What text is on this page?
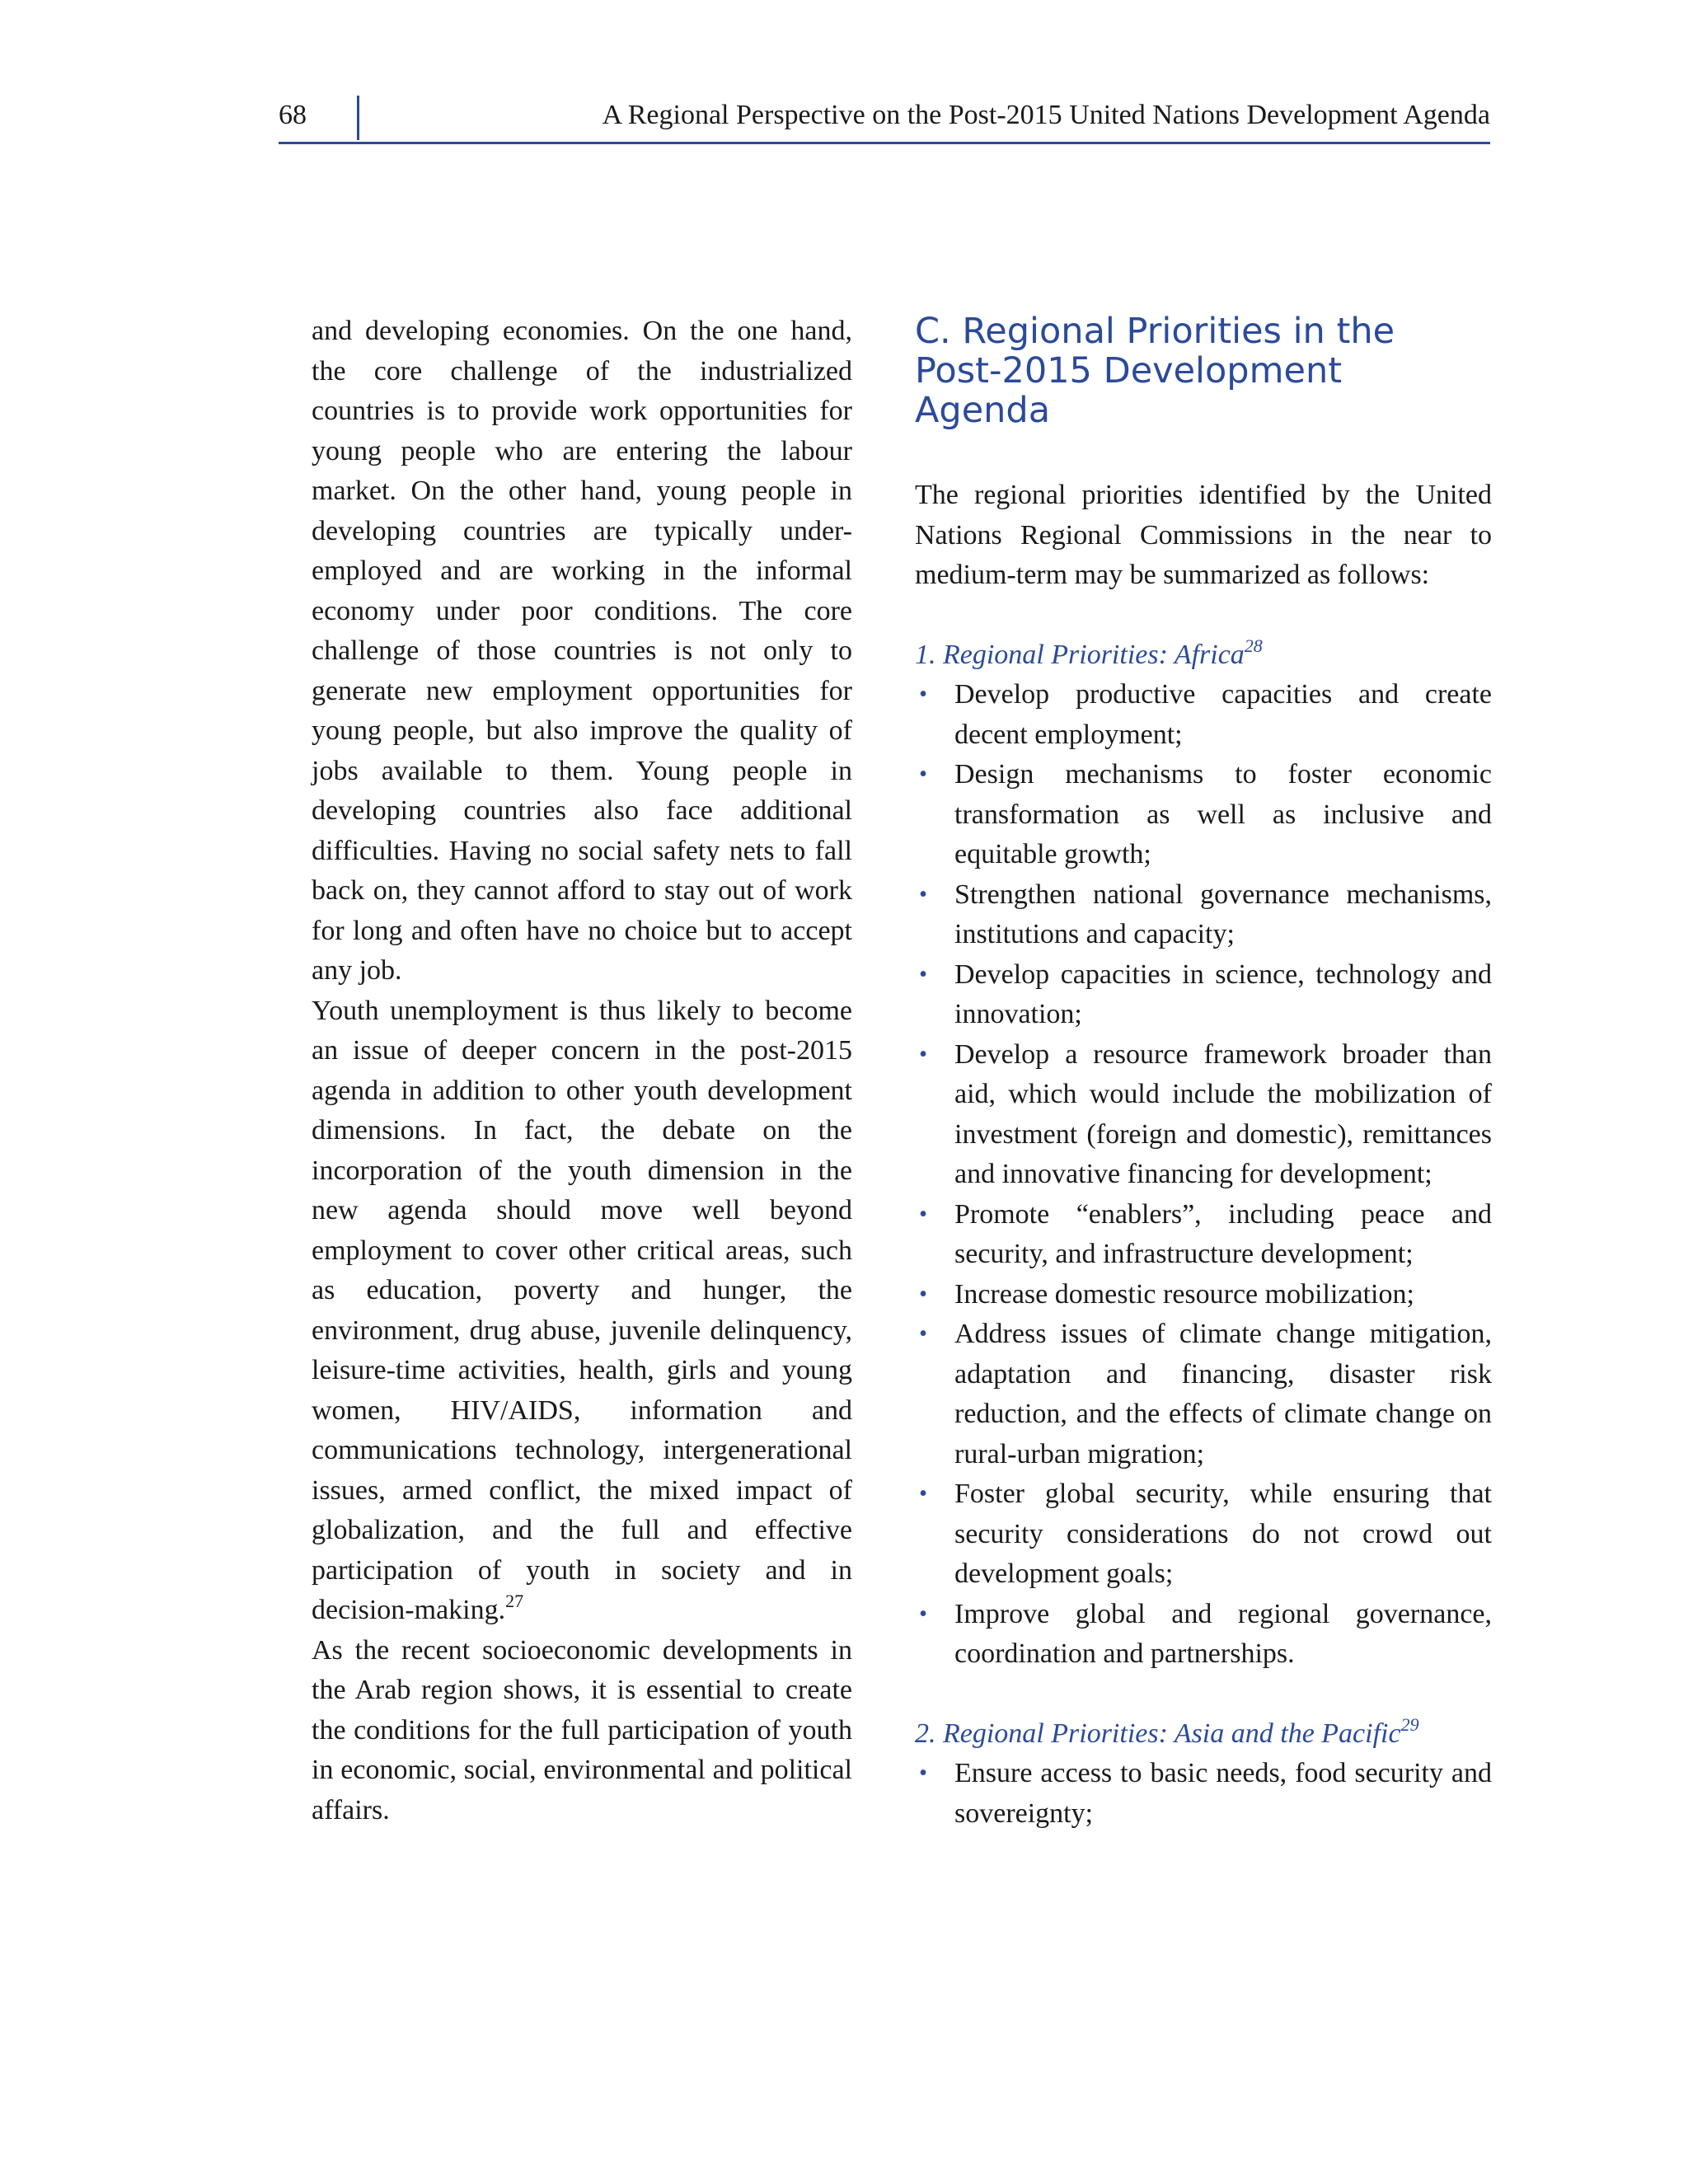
68	A Regional Perspective on the Post-2015 United Nations Development Agenda

and developing economies. On the one hand, the core challenge of the industrialized countries is to provide work opportunities for young people who are entering the labour market. On the other hand, young people in developing countries are typically under-employed and are working in the informal economy under poor conditions. The core challenge of those countries is not only to generate new employment opportunities for young people, but also improve the quality of jobs available to them. Young people in developing countries also face additional difficulties. Having no social safety nets to fall back on, they cannot afford to stay out of work for long and often have no choice but to accept any job.

Youth unemployment is thus likely to become an issue of deeper concern in the post-2015 agenda in addition to other youth development dimensions. In fact, the debate on the incorporation of the youth dimension in the new agenda should move well beyond employment to cover other critical areas, such as education, poverty and hunger, the environment, drug abuse, juvenile delinquency, leisure-time activities, health, girls and young women, HIV/AIDS, information and communications technology, intergenerational issues, armed conflict, the mixed impact of globalization, and the full and effective participation of youth in society and in decision-making.$^{27}$

As the recent socioeconomic developments in the Arab region shows, it is essential to create the conditions for the full participation of youth in economic, social, environmental and political affairs.

C. Regional Priorities in the Post-2015 Development Agenda

The regional priorities identified by the United Nations Regional Commissions in the near to medium-term may be summarized as follows:

1. Regional Priorities: Africa$^{28}$
• Develop productive capacities and create decent employment;
• Design mechanisms to foster economic transformation as well as inclusive and equitable growth;
• Strengthen national governance mechanisms, institutions and capacity;
• Develop capacities in science, technology and innovation;
• Develop a resource framework broader than aid, which would include the mobilization of investment (foreign and domestic), remittances and innovative financing for development;
• Promote “enablers”, including peace and security, and infrastructure development;
• Increase domestic resource mobilization;
• Address issues of climate change mitigation, adaptation and financing, disaster risk reduction, and the effects of climate change on rural-urban migration;
• Foster global security, while ensuring that security considerations do not crowd out development goals;
• Improve global and regional governance, coordination and partnerships.
2. Regional Priorities: Asia and the Pacific$^{29}$
• Ensure access to basic needs, food security and sovereignty;
